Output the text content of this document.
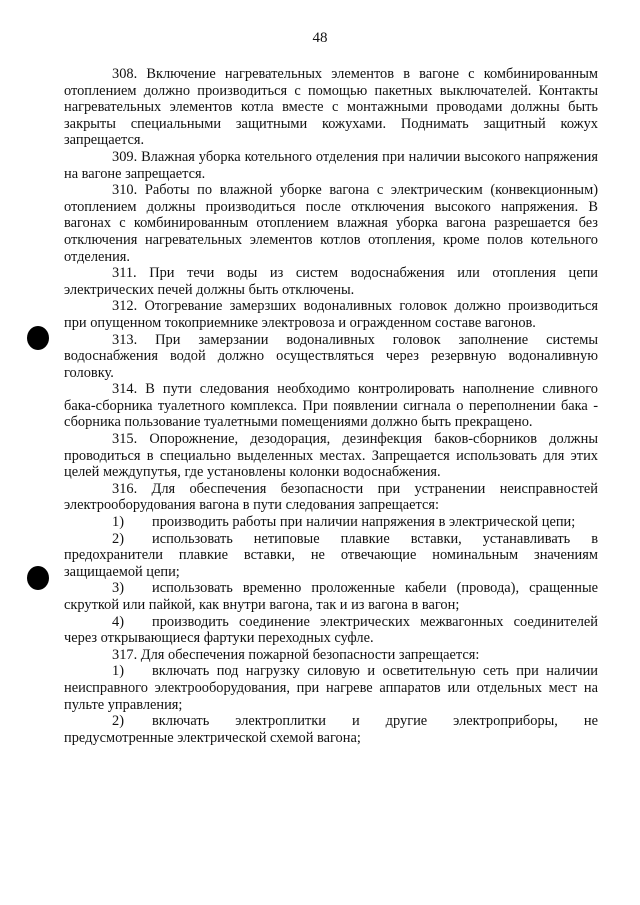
48

308. Включение нагревательных элементов в вагоне с комбинированным отоплением должно производиться с помощью пакетных выключателей. Контакты нагревательных элементов котла вместе с монтажными проводами должны быть закрыты специальными защитными кожухами. Поднимать защитный кожух запрещается.

309. Влажная уборка котельного отделения при наличии высокого напряжения на вагоне запрещается.

310. Работы по влажной уборке вагона с электрическим (конвекционным) отоплением должны производиться после отключения высокого напряжения. В вагонах с комбинированным отоплением влажная уборка вагона разрешается без отключения нагревательных элементов котлов отопления, кроме полов котельного отделения.

311. При течи воды из систем водоснабжения или отопления цепи электрических печей должны быть отключены.

312. Отогревание замерзших водоналивных головок должно производиться при опущенном токоприемнике электровоза и огражденном составе вагонов.

313. При замерзании водоналивных головок заполнение системы водоснабжения водой должно осуществляться через резервную водоналивную головку.

314. В пути следования необходимо контролировать наполнение сливного бака-сборника туалетного комплекса. При появлении сигнала о переполнении бака - сборника пользование туалетными помещениями должно быть прекращено.

315. Опорожнение, дезодорация, дезинфекция баков-сборников должны проводиться в специально выделенных местах. Запрещается использовать для этих целей междупутья, где установлены колонки водоснабжения.

316. Для обеспечения безопасности при устранении неисправностей электрооборудования вагона в пути следования запрещается:

1) производить работы при наличии напряжения в электрической цепи;

2) использовать нетиповые плавкие вставки, устанавливать в предохранители плавкие вставки, не отвечающие номинальным значениям защищаемой цепи;

3) использовать временно проложенные кабели (провода), сращенные скруткой или пайкой, как внутри вагона, так и из вагона в вагон;

4) производить соединение электрических межвагонных соединителей через открывающиеся фартуки переходных суфле.

317. Для обеспечения пожарной безопасности запрещается:

1) включать под нагрузку силовую и осветительную сеть при наличии неисправного электрооборудования, при нагреве аппаратов или отдельных мест на пульте управления;

2) включать электроплитки и другие электроприборы, не предусмотренные электрической схемой вагона;
